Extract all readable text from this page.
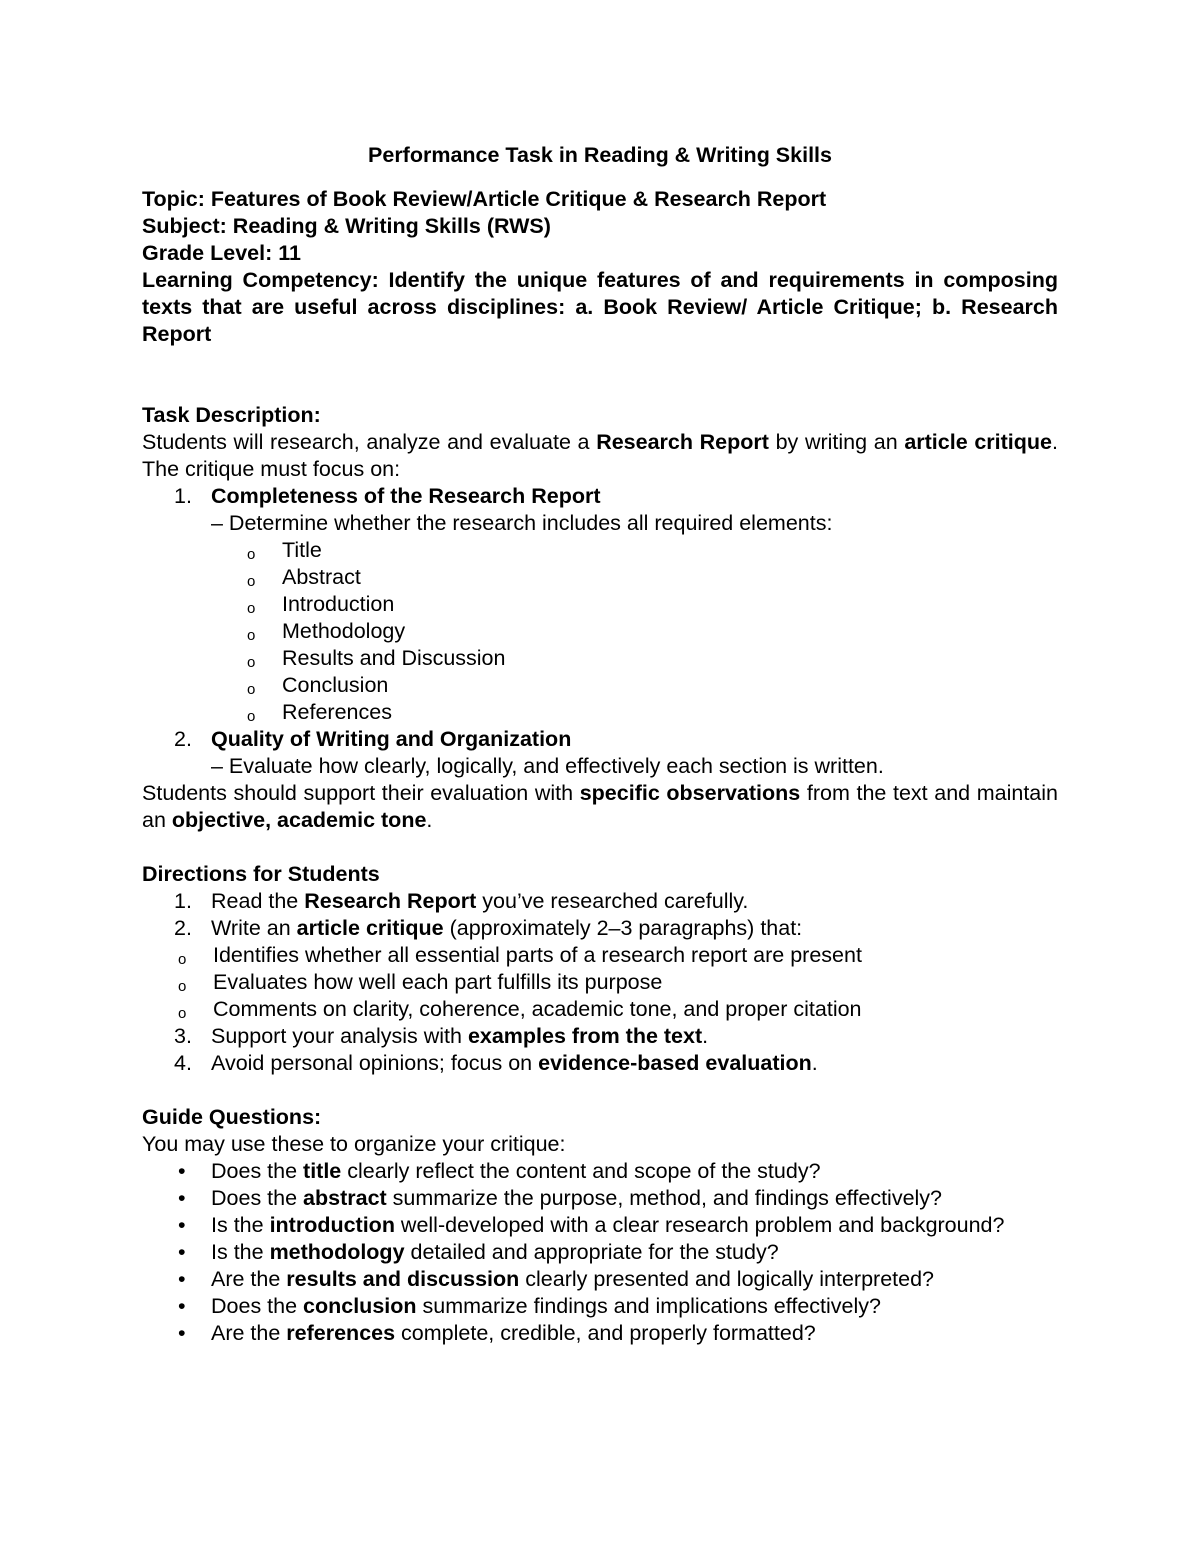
Performance Task in Reading & Writing Skills

Topic: Features of Book Review/Article Critique & Research Report

Subject: Reading & Writing Skills (RWS)

Grade Level: 11

Learning Competency: Identify the unique features of and requirements in composing texts that are useful across disciplines: a. Book Review/ Article Critique; b. Research Report

Task Description:

Students will research, analyze and evaluate a Research Report by writing an article critique. The critique must focus on:

1. Completeness of the Research Report

– Determine whether the research includes all required elements:

o Title
o Abstract
o Introduction
o Methodology
o Results and Discussion
o Conclusion
o References
2. Quality of Writing and Organization

– Evaluate how clearly, logically, and effectively each section is written.

Students should support their evaluation with specific observations from the text and maintain an objective, academic tone.

Directions for Students

1. Read the Research Report you’ve researched carefully.
2. Write an article critique (approximately 2–3 paragraphs) that:
o Identifies whether all essential parts of a research report are present
o Evaluates how well each part fulfills its purpose
o Comments on clarity, coherence, academic tone, and proper citation
3. Support your analysis with examples from the text.
4. Avoid personal opinions; focus on evidence-based evaluation.

Guide Questions:

You may use these to organize your critique:

• Does the title clearly reflect the content and scope of the study?
• Does the abstract summarize the purpose, method, and findings effectively?
• Is the introduction well-developed with a clear research problem and background?
• Is the methodology detailed and appropriate for the study?
• Are the results and discussion clearly presented and logically interpreted?
• Does the conclusion summarize findings and implications effectively?
• Are the references complete, credible, and properly formatted?
